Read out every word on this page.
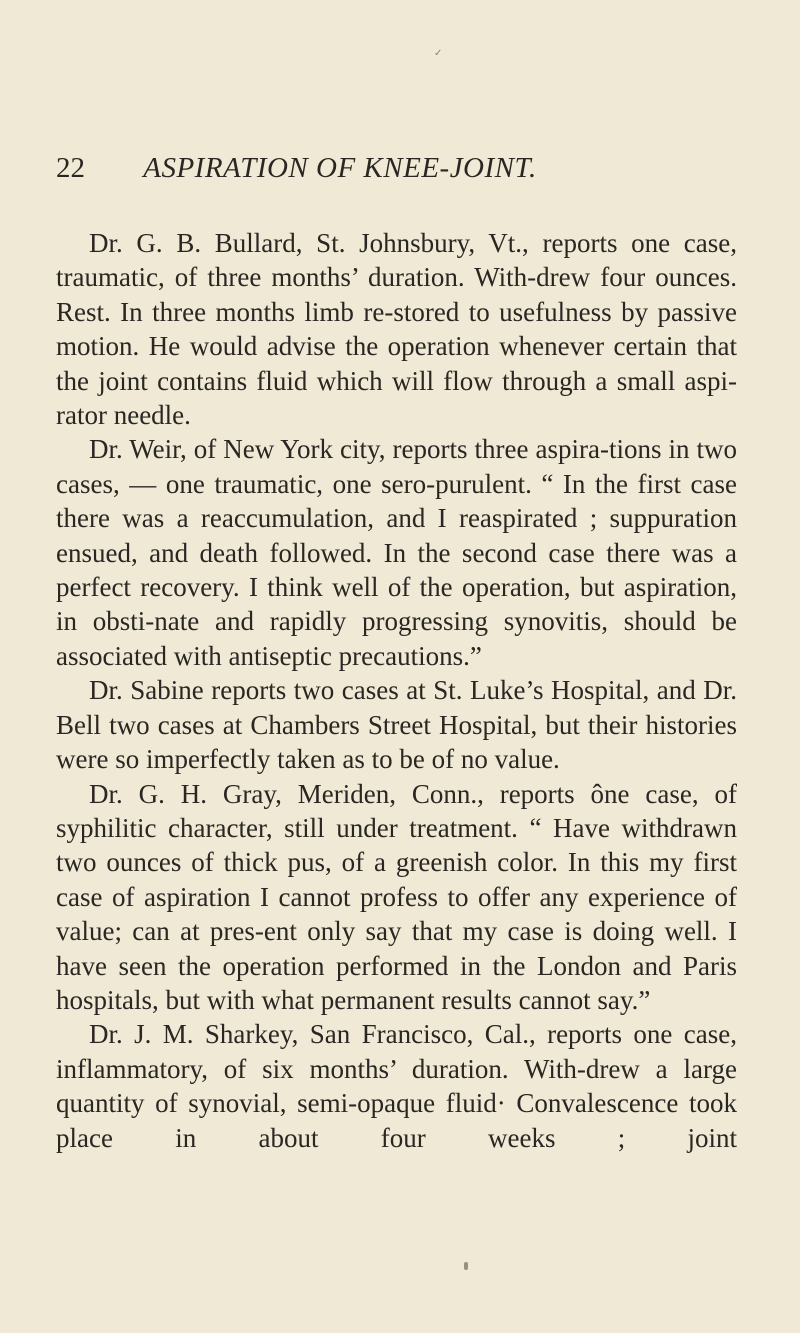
✓
22 ASPIRATION OF KNEE-JOINT.

Dr. G. B. Bullard, St. Johnsbury, Vt., reports one case, traumatic, of three months’ duration. With-drew four ounces. Rest. In three months limb re-stored to usefulness by passive motion. He would advise the operation whenever certain that the joint contains fluid which will flow through a small aspi-rator needle.

Dr. Weir, of New York city, reports three aspira-tions in two cases, — one traumatic, one sero-purulent. “ In the first case there was a reaccumulation, and I reaspirated ; suppuration ensued, and death followed. In the second case there was a perfect recovery. I think well of the operation, but aspiration, in obsti-nate and rapidly progressing synovitis, should be associated with antiseptic precautions.”

Dr. Sabine reports two cases at St. Luke’s Hospital, and Dr. Bell two cases at Chambers Street Hospital, but their histories were so imperfectly taken as to be of no value.

Dr. G. H. Gray, Meriden, Conn., reports ône case, of syphilitic character, still under treatment. “ Have withdrawn two ounces of thick pus, of a greenish color. In this my first case of aspiration I cannot profess to offer any experience of value; can at pres-ent only say that my case is doing well. I have seen the operation performed in the London and Paris hospitals, but with what permanent results cannot say.”

Dr. J. M. Sharkey, San Francisco, Cal., reports one case, inflammatory, of six months’ duration. With-drew a large quantity of synovial, semi-opaque fluid· Convalescence took place in about four weeks ; joint
